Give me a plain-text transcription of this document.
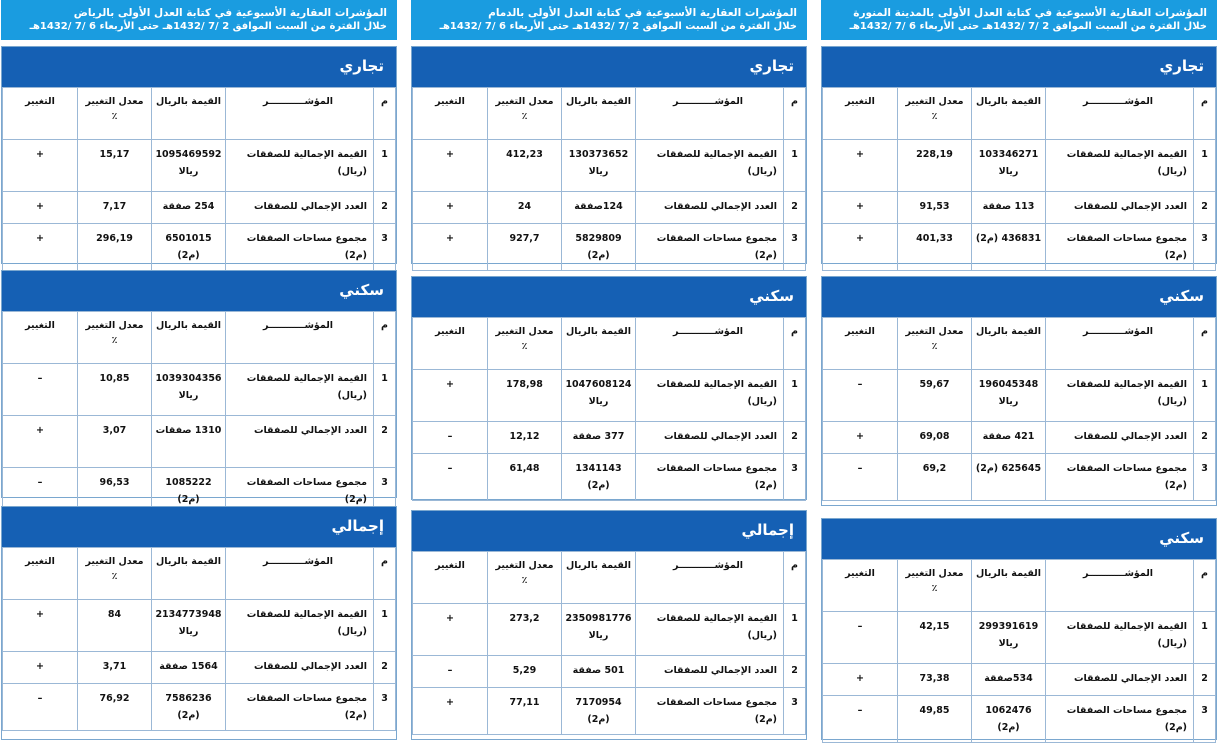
المؤشرات العقارية الأسبوعية في كتابة العدل الأولى بالمدينة المنورة
خلال الفترة من السبت الموافق 2 /7 /1432هـ حتى الأربعاء 6 /7 /1432هـ
تجاري
م	المؤشـــــــــــر	القيمة بالريال	معدل التغيير ٪	التغيير
1	القيمة الإجمالية للصفقات (ريال)	103346271 ريالا	228,19	+
2	العدد الإجمالي للصفقات	113 صفقة	91,53	+
3	مجموع مساحات الصفقات (م2)	436831 (م2)	401,33	+
سكني
م	المؤشـــــــــــر	القيمة بالريال	معدل التغيير ٪	التغيير
1	القيمة الإجمالية للصفقات (ريال)	196045348 ريالا	59,67	–
2	العدد الإجمالي للصفقات	421 صفقة	69,08	+
3	مجموع مساحات الصفقات (م2)	625645 (م2)	69,2	–
سكني
م	المؤشـــــــــــر	القيمة بالريال	معدل التغيير ٪	التغيير
1	القيمة الإجمالية للصفقات (ريال)	299391619 ريالا	42,15	–
2	العدد الإجمالي للصفقات	534صفقة	73,38	+
3	مجموع مساحات الصفقات (م2)	1062476 (م2)	49,85	–
المؤشرات العقارية الأسبوعية في كتابة العدل الأولى بالدمام
خلال الفترة من السبت الموافق 2 /7 /1432هـ حتى الأربعاء 6 /7 /1432هـ
تجاري
م	المؤشـــــــــــر	القيمة بالريال	معدل التغيير ٪	التغيير
1	القيمة الإجمالية للصفقات (ريال)	130373652 ريالا	412,23	+
2	العدد الإجمالي للصفقات	124صفقة	24	+
3	مجموع مساحات الصفقات (م2)	5829809 (م2)	927,7	+
سكني
م	المؤشـــــــــــر	القيمة بالريال	معدل التغيير ٪	التغيير
1	القيمة الإجمالية للصفقات (ريال)	1047608124 ريالا	178,98	+
2	العدد الإجمالي للصفقات	377 صفقة	12,12	–
3	مجموع مساحات الصفقات (م2)	1341143 (م2)	61,48	–
إجمالي
م	المؤشـــــــــــر	القيمة بالريال	معدل التغيير ٪	التغيير
1	القيمة الإجمالية للصفقات (ريال)	2350981776 ريالا	273,2	+
2	العدد الإجمالي للصفقات	501 صفقة	5,29	–
3	مجموع مساحات الصفقات (م2)	7170954 (م2)	77,11	+
المؤشرات العقارية الأسبوعية في كتابة العدل الأولى بالرياض
خلال الفترة من السبت الموافق 2 /7 /1432هـ حتى الأربعاء 6 /7 /1432هـ
تجاري
م	المؤشـــــــــــر	القيمة بالريال	معدل التغيير ٪	التغيير
1	القيمة الإجمالية للصفقات (ريال)	1095469592 ريالا	15,17	+
2	العدد الإجمالي للصفقات	254 صفقة	7,17	+
3	مجموع مساحات الصفقات (م2)	6501015 (م2)	296,19	+
سكني
م	المؤشـــــــــــر	القيمة بالريال	معدل التغيير ٪	التغيير
1	القيمة الإجمالية للصفقات (ريال)	1039304356 ريالا	10,85	–
2	العدد الإجمالي للصفقات	1310 صفقات	3,07	+
3	مجموع مساحات الصفقات (م2)	1085222 (م2)	96,53	–
إجمالي
م	المؤشـــــــــــر	القيمة بالريال	معدل التغيير ٪	التغيير
1	القيمة الإجمالية للصفقات (ريال)	2134773948 ريالا	84	+
2	العدد الإجمالي للصفقات	1564 صفقة	3,71	+
3	مجموع مساحات الصفقات (م2)	7586236 (م2)	76,92	–
